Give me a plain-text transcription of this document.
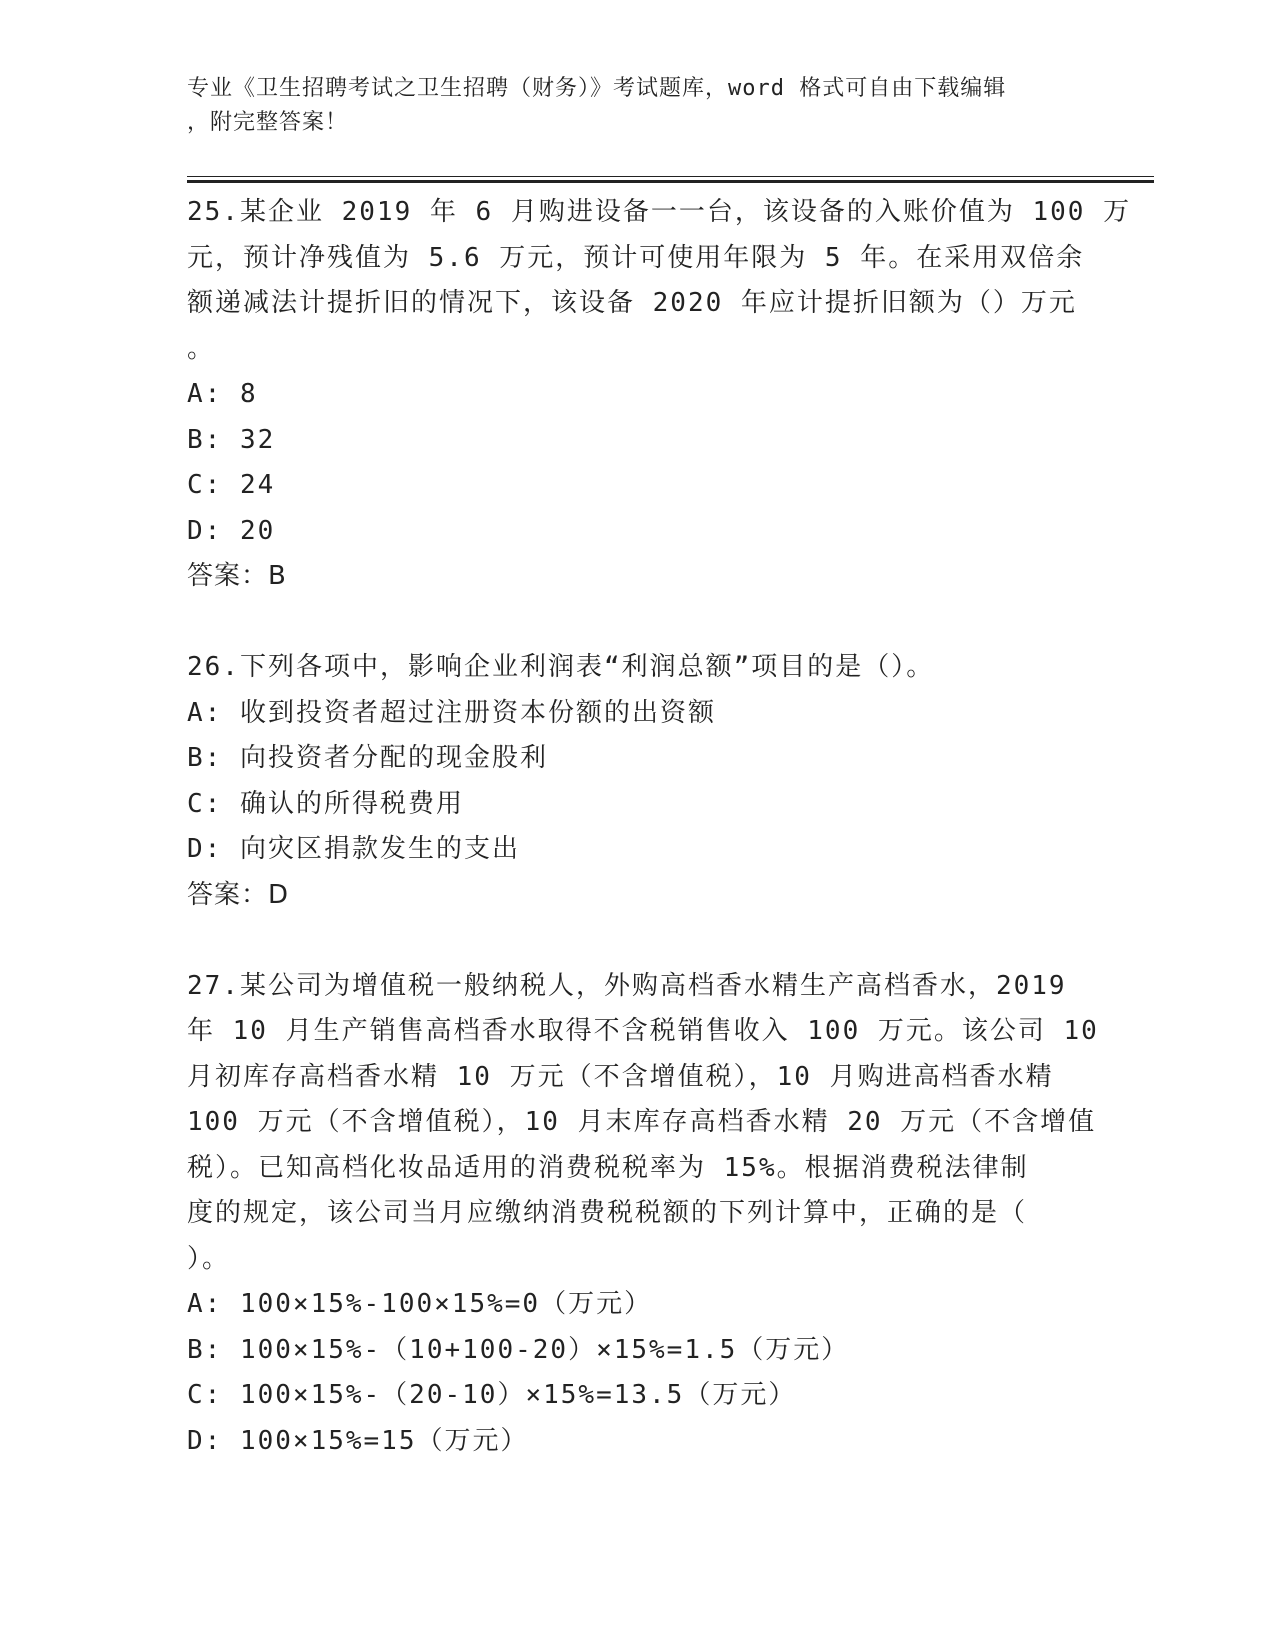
专业《卫生招聘考试之卫生招聘（财务）》考试题库，word 格式可自由下载编辑
，附完整答案！
25.某企业 2019 年 6 月购进设备一一台，该设备的入账价值为 100 万
元，预计净残值为 5.6 万元，预计可使用年限为 5 年。在采用双倍余
额递减法计提折旧的情况下，该设备 2020 年应计提折旧额为（）万元
。
A: 8
B: 32
C: 24
D: 20
答案：B
26.下列各项中，影响企业利润表“利润总额”项目的是（）。
A: 收到投资者超过注册资本份额的出资额
B: 向投资者分配的现金股利
C: 确认的所得税费用
D: 向灾区捐款发生的支出
答案：D
27.某公司为增值税一般纳税人，外购高档香水精生产高档香水，2019
年 10 月生产销售高档香水取得不含税销售收入 100 万元。该公司 10
月初库存高档香水精 10 万元（不含增值税），10 月购进高档香水精
100 万元（不含增值税），10 月末库存高档香水精 20 万元（不含增值
税）。已知高档化妆品适用的消费税税率为 15%。根据消费税法律制
度的规定，该公司当月应缴纳消费税税额的下列计算中，正确的是（
）。
A: 100×15%-100×15%=0（万元）
B: 100×15%-（10+100-20）×15%=1.5（万元）
C: 100×15%-（20-10）×15%=13.5（万元）
D: 100×15%=15（万元）
